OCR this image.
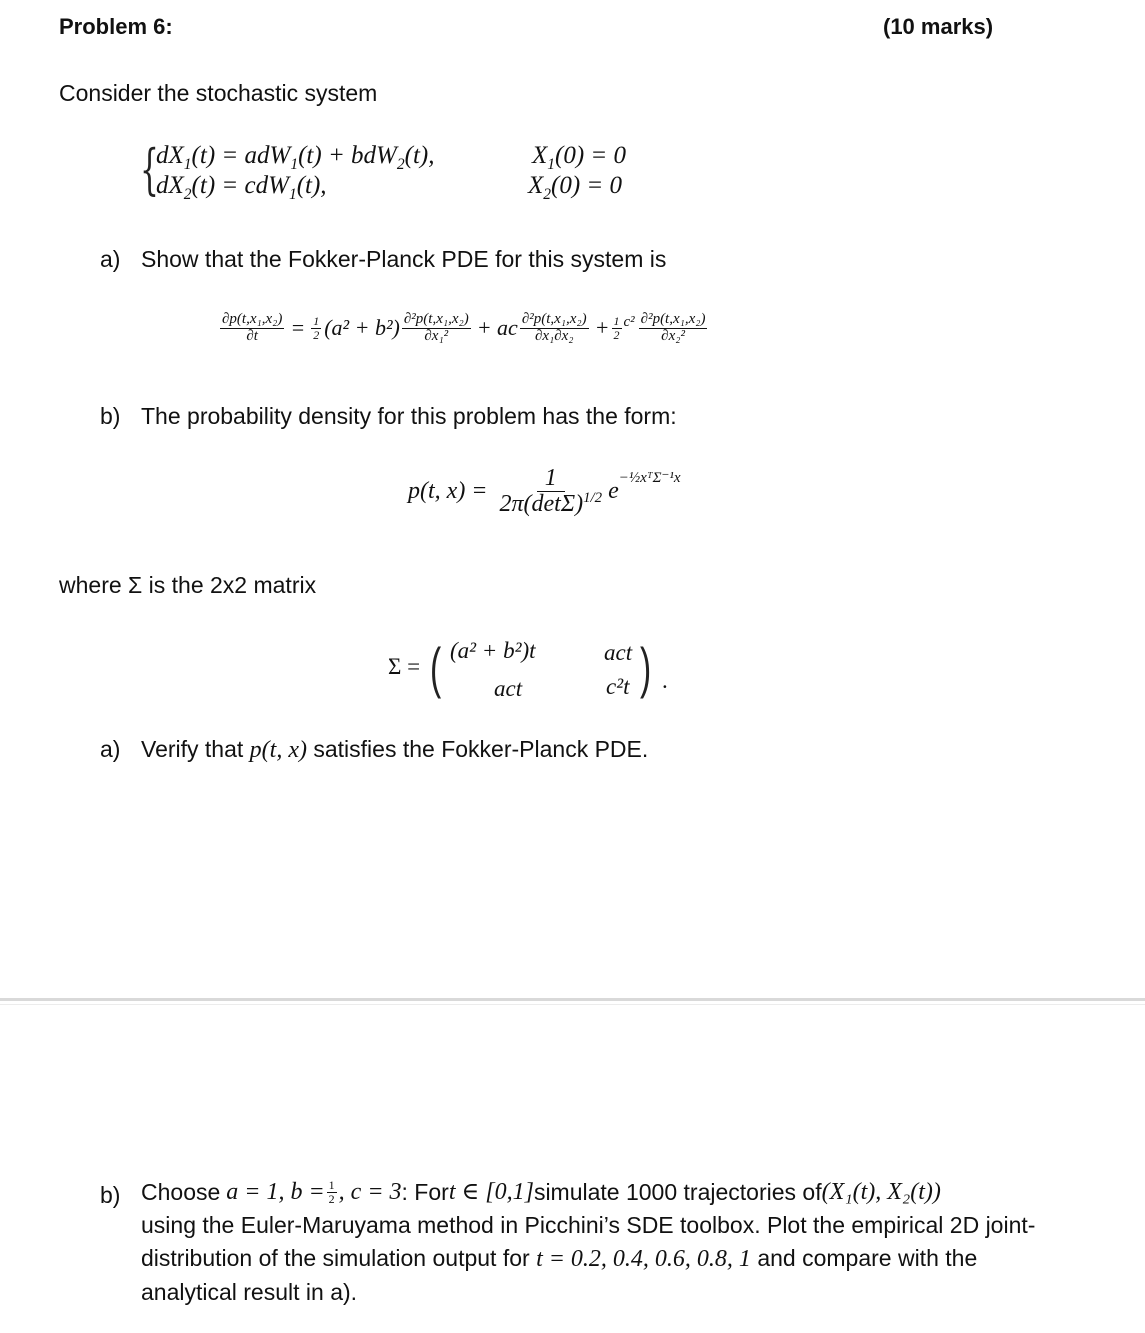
Problem 6:	(10 marks)
Consider the stochastic system
{
$dX_1(t) = adW_1(t) + bdW_2(t)$,	$X_1(0) = 0$
$dX_2(t) = cdW_1(t)$,	$X_2(0) = 0$
a) Show that the Fokker-Planck PDE for this system is
$\frac{\text{∂p(t,x₁,x₂)}}{\partial t} = \frac{1}{2} (a^2 + b^2) \frac{\text{∂²p(t,x₁,x₂)}}{\text{∂x₁²}}$ + ac $\frac{\text{∂²p(t,x₁,x₂)}}{\text{∂x₁∂x₂}} + \frac{1}{2} c^2 \frac{\text{∂²p(t,x₁,x₂)}}{\text{∂x₂²}}$
b) The probability density for this problem has the form:
p(t, $x) = \frac{1}{2\pi(\det\Sigma)^{1/2}}$ e −½xᵀΣ⁻¹x
where Σ is the 2x2 matrix
Σ = ( (a² + b²)t	act
act	c²t ) .
a) Verify that p(t, x) satisfies the Fokker-Planck PDE.
b) Choose a = 1, $b = \frac{1}{2}$ , c = 3 : For t ∈ [0,1] simulate 1000 trajectories of (X₁(t), X₂(t))
using the Euler-Maruyama method in Picchini’s SDE toolbox. Plot the empirical 2D joint-
distribution of the simulation output for t = 0.2, 0.4, 0.6, 0.8, 1 and compare with the
analytical result in a).
